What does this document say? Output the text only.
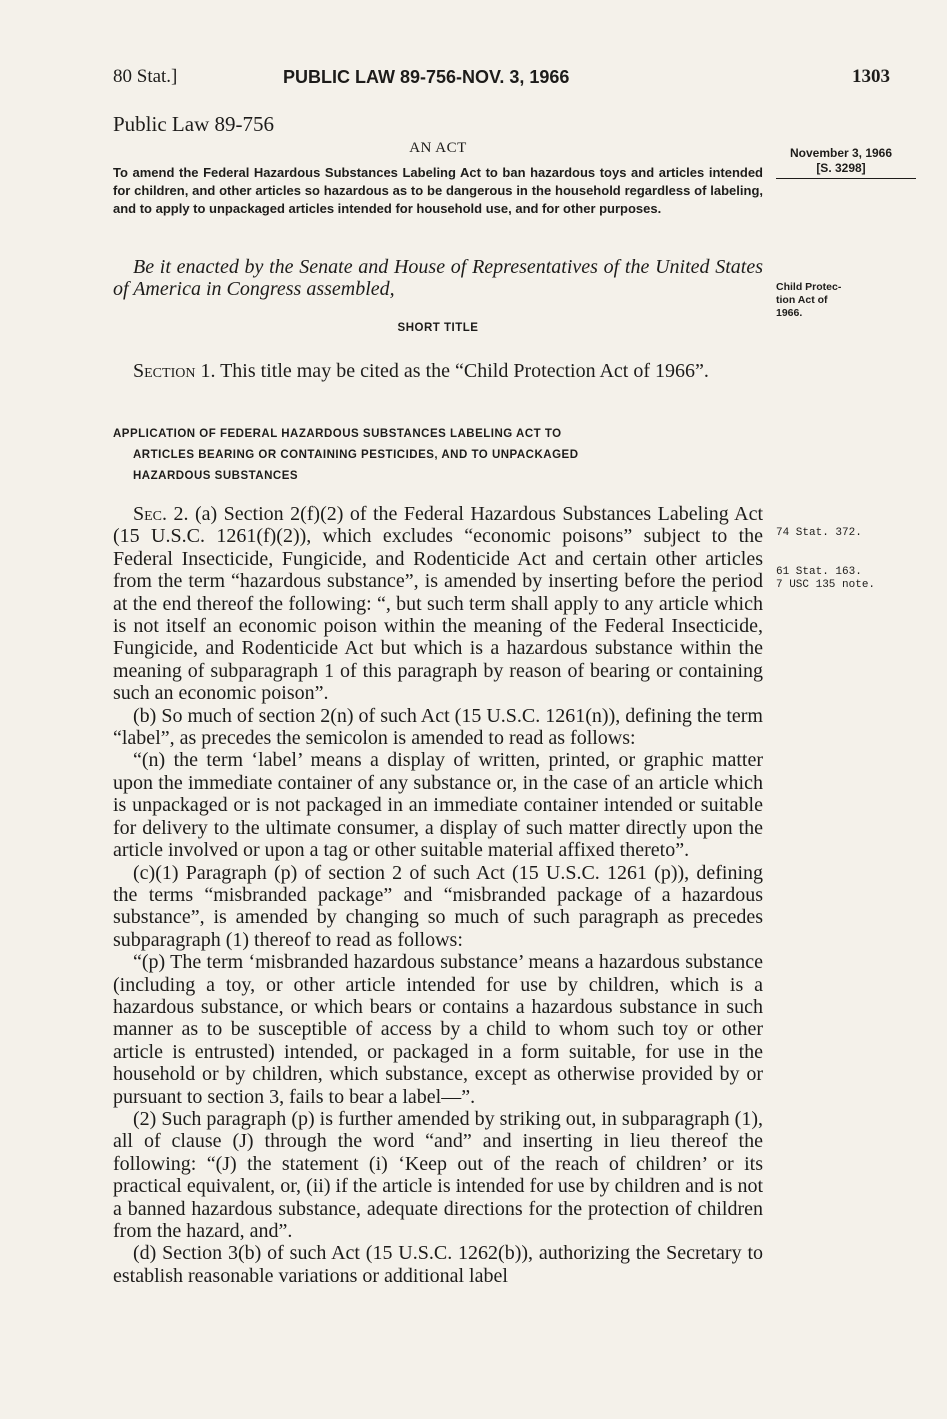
80 Stat.]	PUBLIC LAW 89-756-NOV. 3, 1966	1303
Public Law 89-756
AN ACT
To amend the Federal Hazardous Substances Labeling Act to ban hazardous toys and articles intended for children, and other articles so hazardous as to be dangerous in the household regardless of labeling, and to apply to unpackaged articles intended for household use, and for other purposes.
November 3, 1966
[S. 3298]
Be it enacted by the Senate and House of Representatives of the United States of America in Congress assembled,	Child Protec-
tion Act of
1966.
SHORT TITLE

Section 1. This title may be cited as the “Child Protection Act of 1966”.

APPLICATION OF FEDERAL HAZARDOUS SUBSTANCES LABELING ACT TO
ARTICLES BEARING OR CONTAINING PESTICIDES, AND TO UNPACKAGED
HAZARDOUS SUBSTANCES

Sec. 2. (a) Section 2(f)(2) of the Federal Hazardous Substances Labeling Act (15 U.S.C. 1261(f)(2)), which excludes “economic poisons” subject to the Federal Insecticide, Fungicide, and Rodenticide Act and certain other articles from the term “hazardous substance”, is amended by inserting before the period at the end thereof the following: “, but such term shall apply to any article which is not itself an economic poison within the meaning of the Federal Insecticide, Fungicide, and Rodenticide Act but which is a hazardous substance within the meaning of subparagraph 1 of this paragraph by reason of bearing or containing such an economic poison”.

(b) So much of section 2(n) of such Act (15 U.S.C. 1261(n)), defining the term “label”, as precedes the semicolon is amended to read as follows:

“(n) the term ‘label’ means a display of written, printed, or graphic matter upon the immediate container of any substance or, in the case of an article which is unpackaged or is not packaged in an immediate container intended or suitable for delivery to the ultimate consumer, a display of such matter directly upon the article involved or upon a tag or other suitable material affixed thereto”.

(c)(1) Paragraph (p) of section 2 of such Act (15 U.S.C. 1261 (p)), defining the terms “misbranded package” and “misbranded package of a hazardous substance”, is amended by changing so much of such paragraph as precedes subparagraph (1) thereof to read as follows:

“(p) The term ‘misbranded hazardous substance’ means a hazardous substance (including a toy, or other article intended for use by children, which is a hazardous substance, or which bears or contains a hazardous substance in such manner as to be susceptible of access by a child to whom such toy or other article is entrusted) intended, or packaged in a form suitable, for use in the household or by children, which substance, except as otherwise provided by or pursuant to section 3, fails to bear a label—”.

(2) Such paragraph (p) is further amended by striking out, in subparagraph (1), all of clause (J) through the word “and” and inserting in lieu thereof the following: “(J) the statement (i) ‘Keep out of the reach of children’ or its practical equivalent, or, (ii) if the article is intended for use by children and is not a banned hazardous substance, adequate directions for the protection of children from the hazard, and”.

(d) Section 3(b) of such Act (15 U.S.C. 1262(b)), authorizing the Secretary to establish reasonable variations or additional label

74 Stat. 372.
61 Stat. 163.
7 USC 135 note.
